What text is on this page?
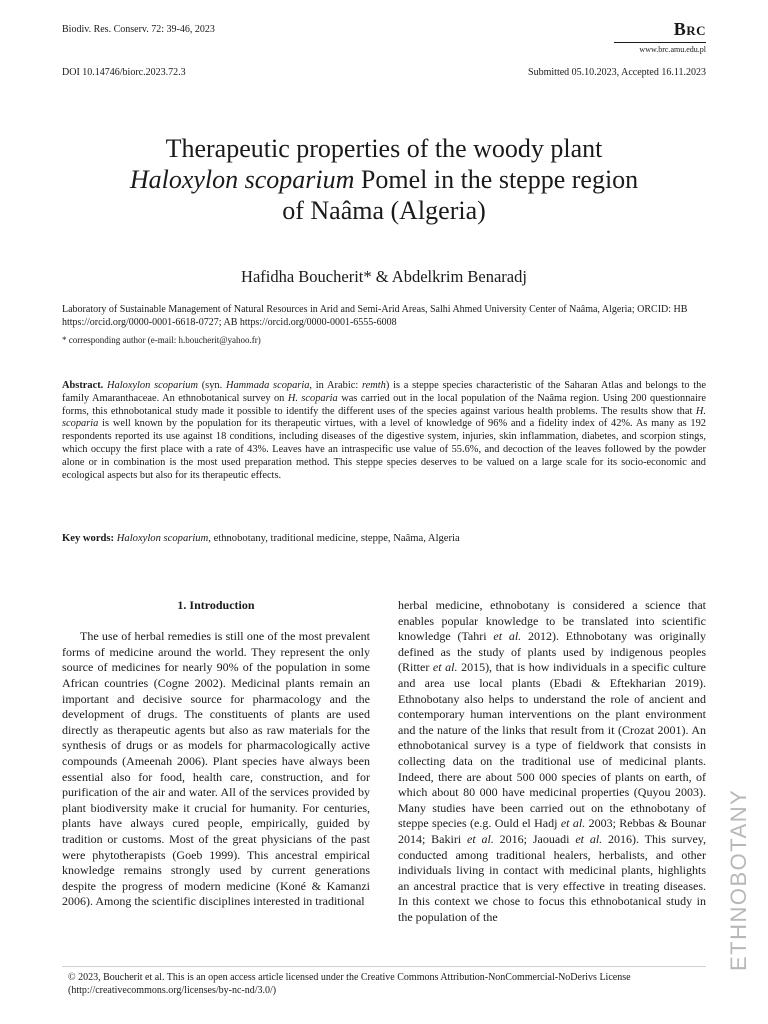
Biodiv. Res. Conserv. 72: 39-46, 2023	Brc
www.brc.amu.edu.pl
DOI 10.14746/biorc.2023.72.3	Submitted 05.10.2023, Accepted 16.11.2023
Therapeutic properties of the woody plant
Haloxylon scoparium Pomel in the steppe region
of Naâma (Algeria)
Hafidha Boucherit* & Abdelkrim Benaradj
Laboratory of Sustainable Management of Natural Resources in Arid and Semi-Arid Areas, Salhi Ahmed University Center of Naâma, Algeria; ORCID: HB https://orcid.org/0000-0001-6618-0727; AB https://orcid.org/0000-0001-6555-6008
* corresponding author (e-mail: h.boucherit@yahoo.fr)
Abstract. Haloxylon scoparium (syn. Hammada scoparia, in Arabic: remth) is a steppe species characteristic of the Saharan Atlas and belongs to the family Amaranthaceae. An ethnobotanical survey on H. scoparia was carried out in the local population of the Naâma region. Using 200 questionnaire forms, this ethnobotanical study made it possible to identify the different uses of the species against various health problems. The results show that H. scoparia is well known by the population for its therapeutic virtues, with a level of knowledge of 96% and a fidelity index of 42%. As many as 192 respondents reported its use against 18 conditions, including diseases of the digestive system, injuries, skin inflammation, diabetes, and scorpion stings, which occupy the first place with a rate of 43%. Leaves have an intraspecific use value of 55.6%, and decoction of the leaves followed by the powder alone or in combination is the most used preparation method. This steppe species deserves to be valued on a large scale for its socio-economic and ecological aspects but also for its therapeutic effects.
Key words: Haloxylon scoparium, ethnobotany, traditional medicine, steppe, Naâma, Algeria
1. Introduction

The use of herbal remedies is still one of the most prevalent forms of medicine around the world. They represent the only source of medicines for nearly 90% of the population in some African countries (Cogne 2002). Medicinal plants remain an important and decisive source for pharmacology and the development of drugs. The constituents of plants are used directly as therapeutic agents but also as raw materials for the synthesis of drugs or as models for pharmacologically active compounds (Ameenah 2006). Plant species have always been essential also for food, health care, construction, and for purification of the air and water. All of the services provided by plant biodiversity make it crucial for humanity. For centuries, plants have always cured people, empirically, guided by tradition or customs. Most of the great physicians of the past were phytotherapists (Goeb 1999). This ancestral empirical knowledge remains strongly used by current generations despite the progress of modern medicine (Koné & Kamanzi 2006). Among the scientific disciplines interested in traditional

herbal medicine, ethnobotany is considered a science that enables popular knowledge to be translated into scientific knowledge (Tahri et al. 2012). Ethnobotany was originally defined as the study of plants used by indigenous peoples (Ritter et al. 2015), that is how individuals in a specific culture and area use local plants (Ebadi & Eftekharian 2019). Ethnobotany also helps to understand the role of ancient and contemporary human interventions on the plant environment and the nature of the links that result from it (Crozat 2001). An ethnobotanical survey is a type of fieldwork that consists in collecting data on the traditional use of medicinal plants. Indeed, there are about 500 000 species of plants on earth, of which about 80 000 have medicinal properties (Quyou 2003). Many studies have been carried out on the ethnobotany of steppe species (e.g. Ould el Hadj et al. 2003; Rebbas & Bounar 2014; Bakiri et al. 2016; Jaouadi et al. 2016). This survey, conducted among traditional healers, herbalists, and other individuals living in contact with medicinal plants, highlights an ancestral practice that is very effective in treating diseases. In this context we chose to focus this ethnobotanical study in the population of the	ETHNOBOTANY
© 2023, Boucherit et al. This is an open access article licensed under the Creative Commons Attribution-NonCommercial-NoDerivs License (http://creativecommons.org/licenses/by-nc-nd/3.0/)
